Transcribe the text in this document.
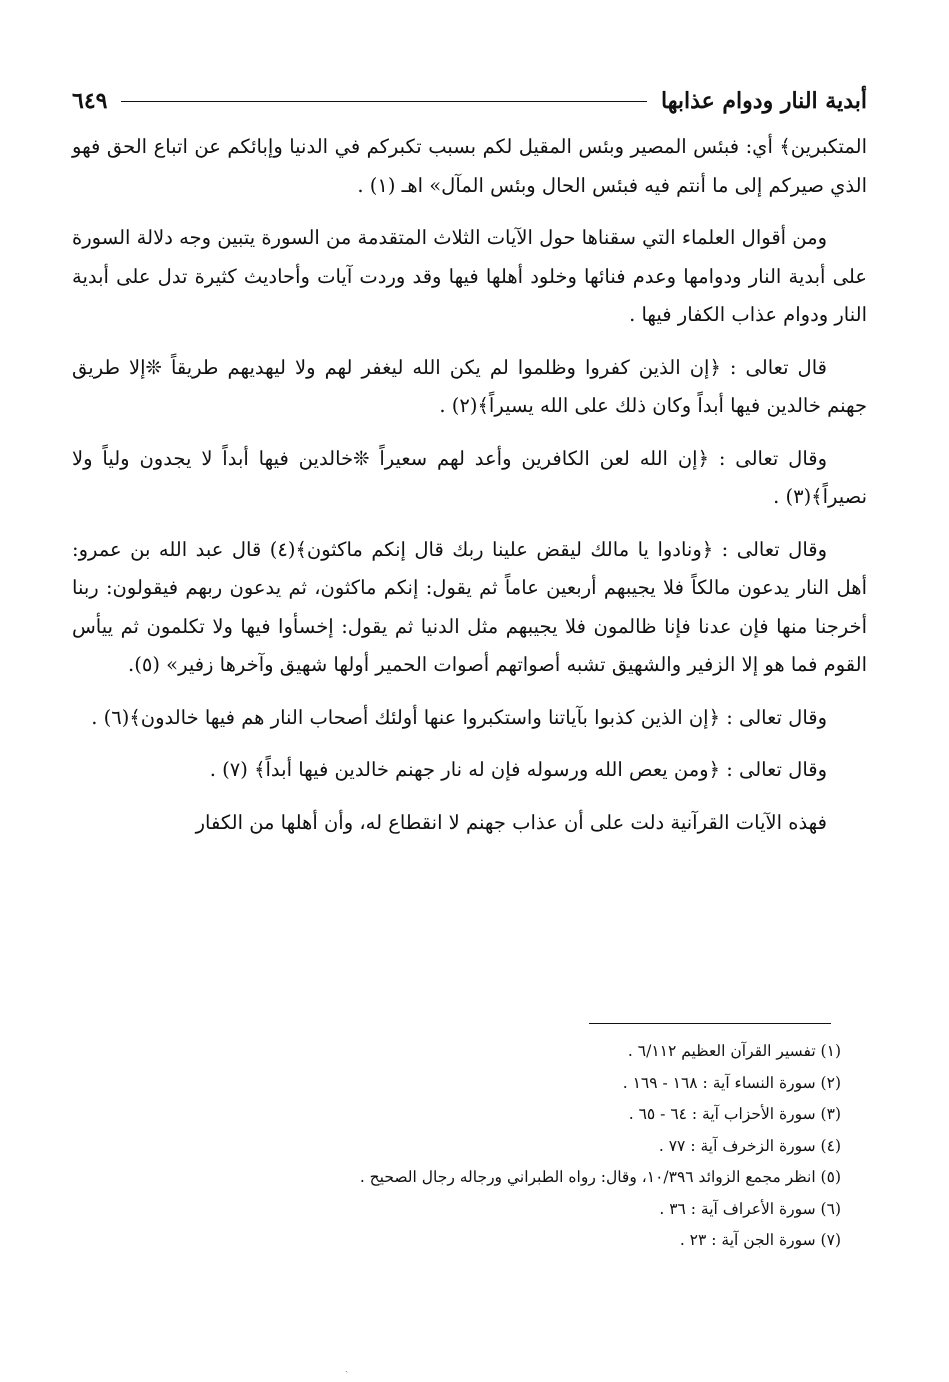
أبدية النار ودوام عذابها
٦٤٩

المتكبرين﴾ أي: فبئس المصير وبئس المقيل لكم بسبب تكبركم في الدنيا وإبائكم عن اتباع الحق فهو الذي صيركم إلى ما أنتم فيه فبئس الحال وبئس المآل» اهـ (١) .

ومن أقوال العلماء التي سقناها حول الآيات الثلاث المتقدمة من السورة يتبين وجه دلالة السورة على أبدية النار ودوامها وعدم فنائها وخلود أهلها فيها وقد وردت آيات وأحاديث كثيرة تدل على أبدية النار ودوام عذاب الكفار فيها .

قال تعالى : ﴿إن الذين كفروا وظلموا لم يكن الله ليغفر لهم ولا ليهديهم طريقاً ❊إلا طريق جهنم خالدين فيها أبداً وكان ذلك على الله يسيراً﴾(٢) .

وقال تعالى : ﴿إن الله لعن الكافرين وأعد لهم سعيراً ❊خالدين فيها أبداً لا يجدون ولياً ولا نصيراً﴾(٣) .

وقال تعالى : ﴿ونادوا يا مالك ليقض علينا ربك قال إنكم ماكثون﴾(٤) قال عبد الله بن عمرو: أهل النار يدعون مالكاً فلا يجيبهم أربعين عاماً ثم يقول: إنكم ماكثون، ثم يدعون ربهم فيقولون: ربنا أخرجنا منها فإن عدنا فإنا ظالمون فلا يجيبهم مثل الدنيا ثم يقول: إخسأوا فيها ولا تكلمون ثم ييأس القوم فما هو إلا الزفير والشهيق تشبه أصواتهم أصوات الحمير أولها شهيق وآخرها زفير» (٥).

وقال تعالى : ﴿إن الذين كذبوا بآياتنا واستكبروا عنها أولئك أصحاب النار هم فيها خالدون﴾(٦) .

وقال تعالى : ﴿ومن يعص الله ورسوله فإن له نار جهنم خالدين فيها أبداً﴾ (٧) .

فهذه الآيات القرآنية دلت على أن عذاب جهنم لا انقطاع له، وأن أهلها من الكفار

(١) تفسير القرآن العظيم ٦/١١٢ .

(٢) سورة النساء آية : ١٦٨ - ١٦٩ .

(٣) سورة الأحزاب آية : ٦٤ - ٦٥ .

(٤) سورة الزخرف آية : ٧٧ .

(٥) انظر مجمع الزوائد ١٠/٣٩٦، وقال: رواه الطبراني ورجاله رجال الصحيح .

(٦) سورة الأعراف آية : ٣٦ .

(٧) سورة الجن آية : ٢٣ .

ˎ
